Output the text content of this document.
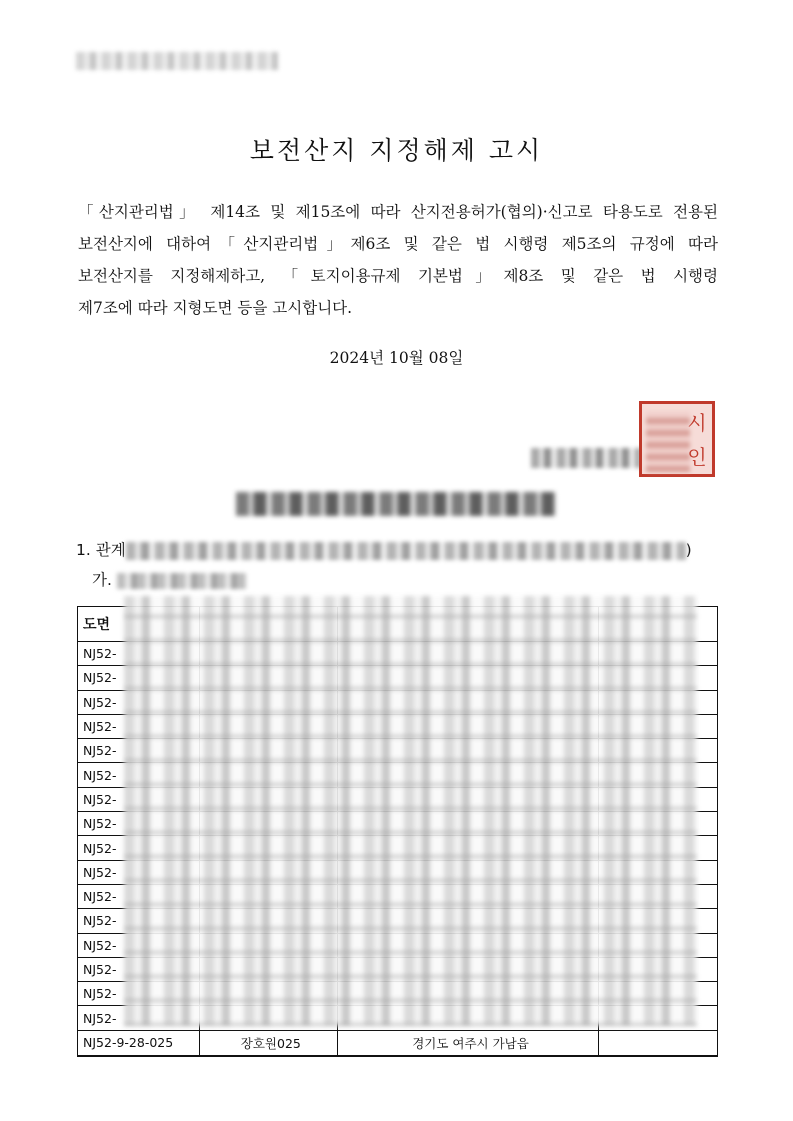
보전산지 지정해제 고시
「산지관리법」 제14조 및 제15조에 따라 산지전용허가(협의)·신고로 타용도로 전용된
보전산지에 대하여「산지관리법」제6조 및 같은 법 시행령 제5조의 규정에 따라
보전산지를 지정해제하고, 「토지이용규제 기본법」제8조 및 같은 법 시행령
제7조에 따라 지형도면 등을 고시합니다.
2024년 10월 08일
시인
1. 관계	)
가.
도면			
NJ52-			
NJ52-			
NJ52-			
NJ52-			
NJ52-			
NJ52-			
NJ52-			
NJ52-			
NJ52-			
NJ52-			
NJ52-			
NJ52-			
NJ52-			
NJ52-			
NJ52-			
NJ52-			
NJ52-9-28-025	장호원025	경기도 여주시 가남읍	
